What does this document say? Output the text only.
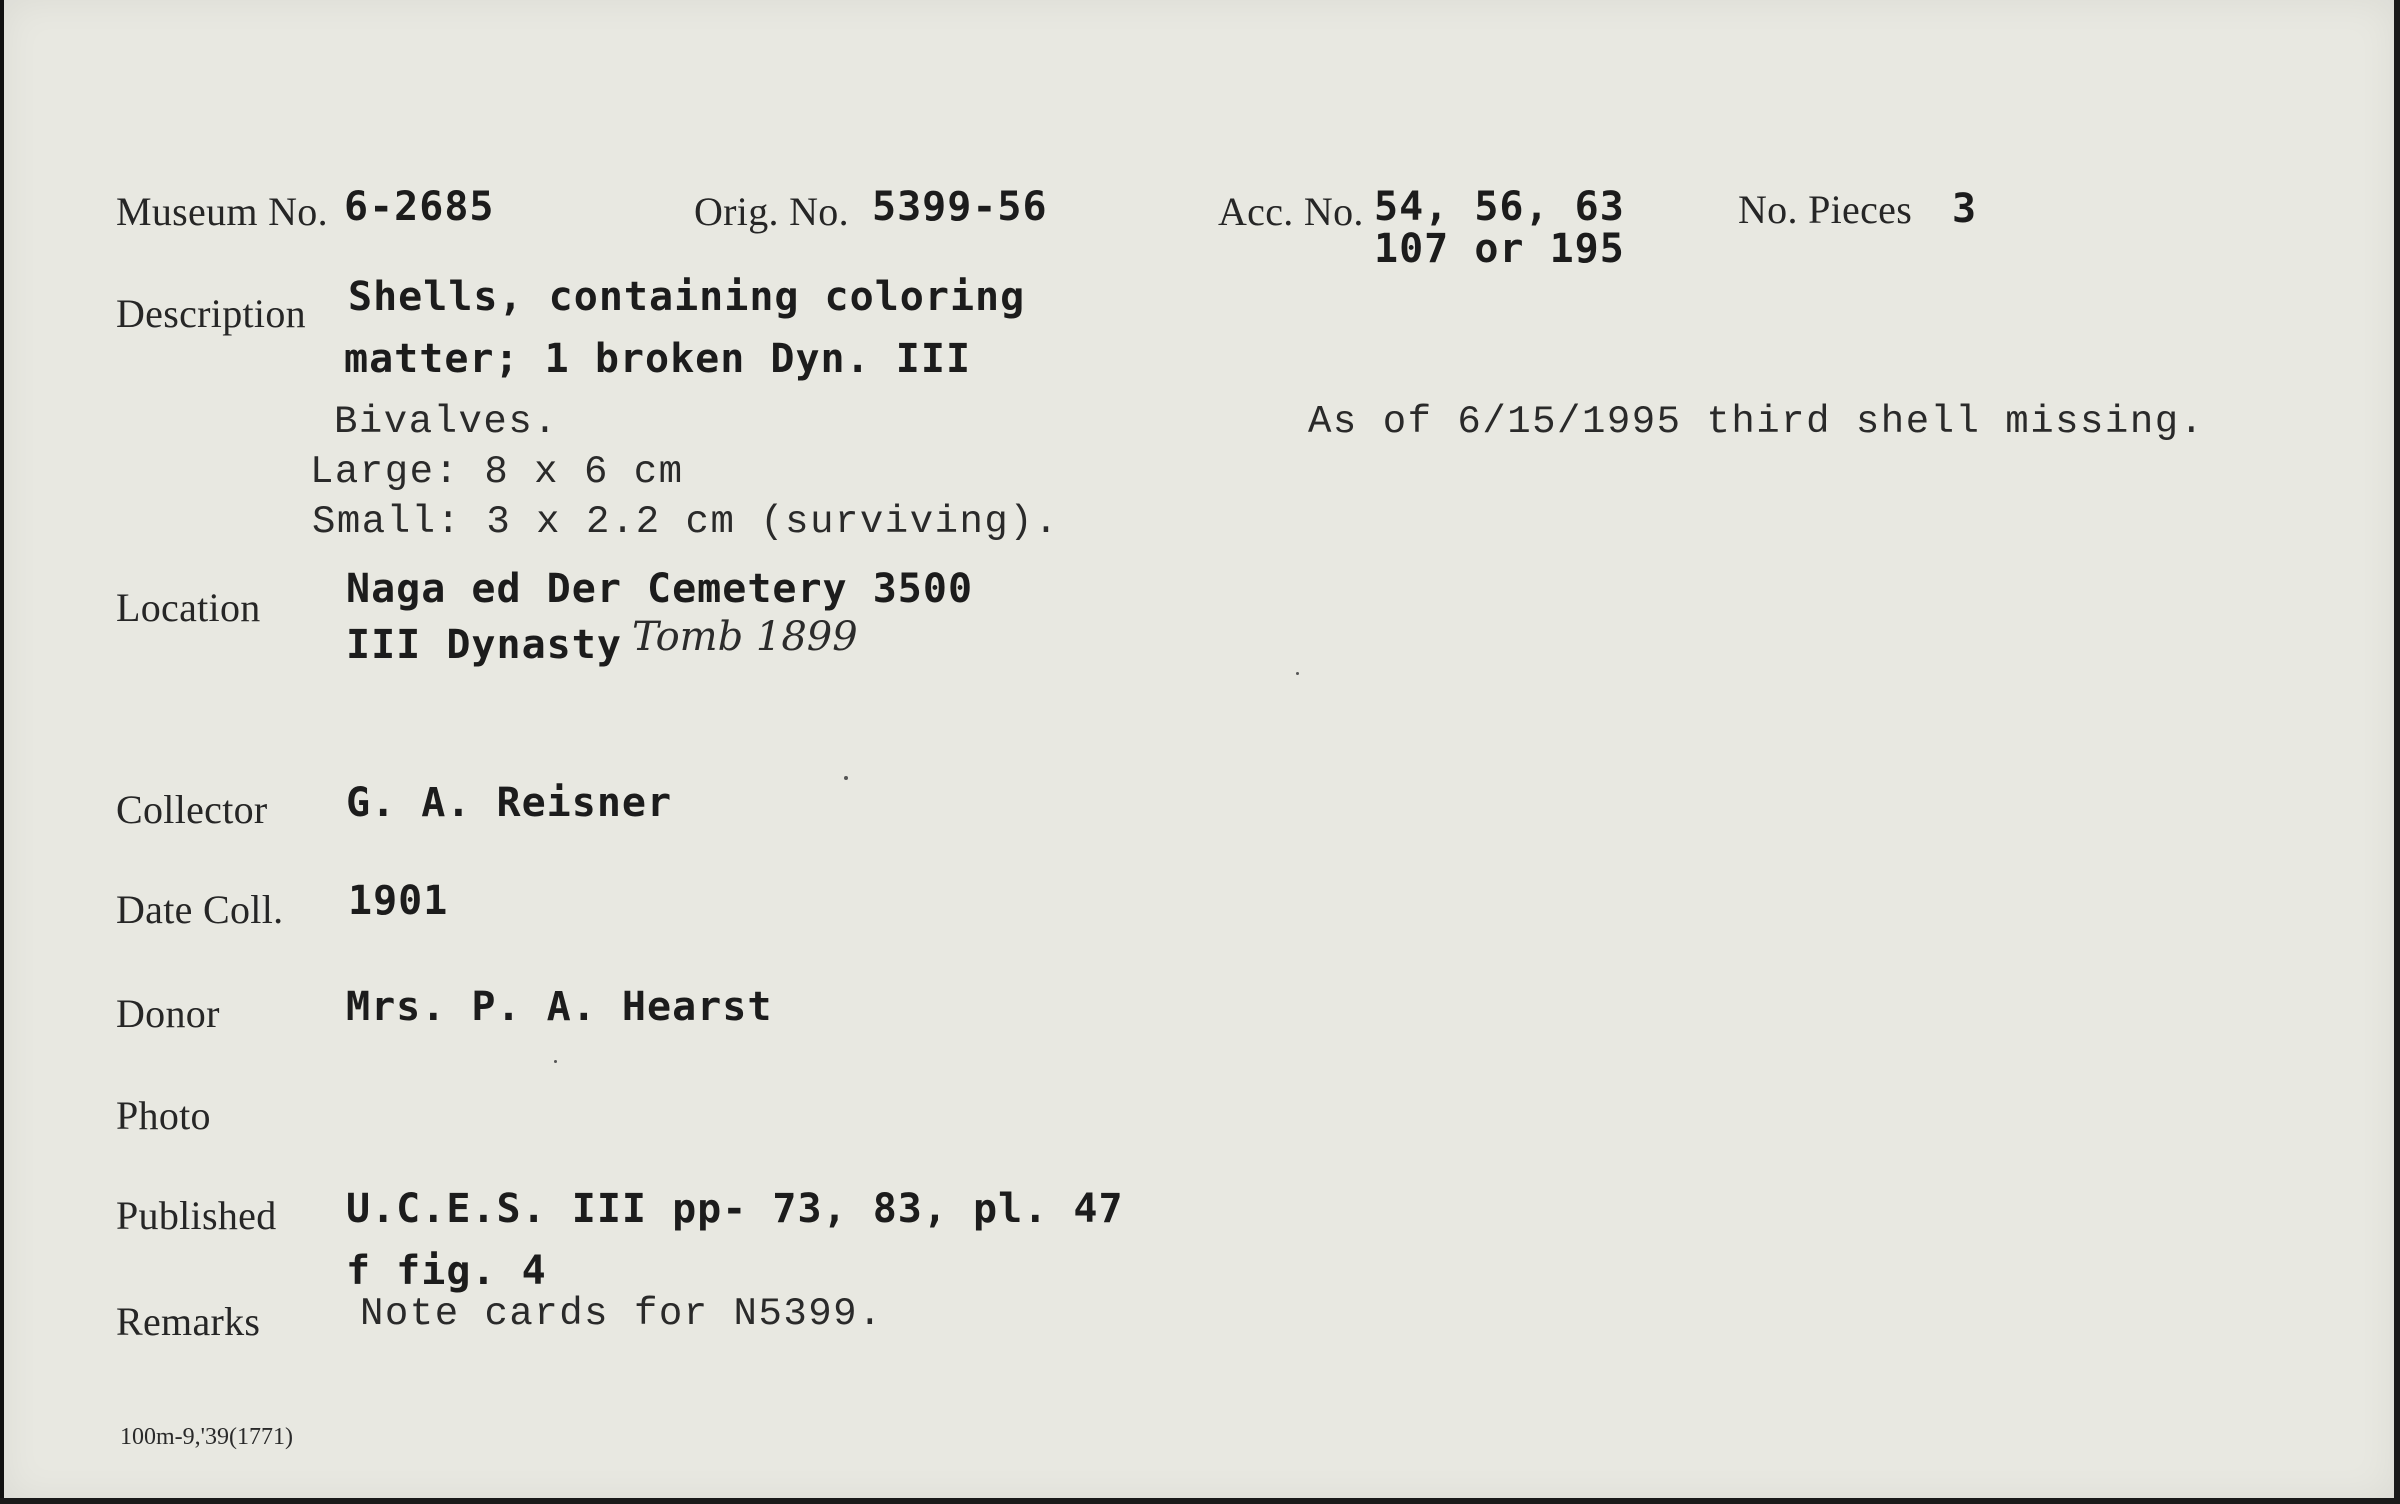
Museum No. 6-2685	Orig. No. 5399-56	Acc. No. 54, 56, 63
107 or 195
No. Pieces 3
Description Shells, containing coloring
matter; 1 broken Dyn. III
Bivalves.
Large: 8 x 6 cm
Small: 3 x 2.2 cm (surviving).
As of 6/15/1995 third shell missing.
Location Naga ed Der Cemetery 3500
III Dynasty Tomb 1899
Collector G. A. Reisner
Date Coll. 1901
Donor	Mrs. P. A. Hearst
Photo
Published U.C.E.S. III pp- 73, 83, pl. 47
f fig. 4
Remarks	Note cards for N5399.
100m-9,'39(1771)
